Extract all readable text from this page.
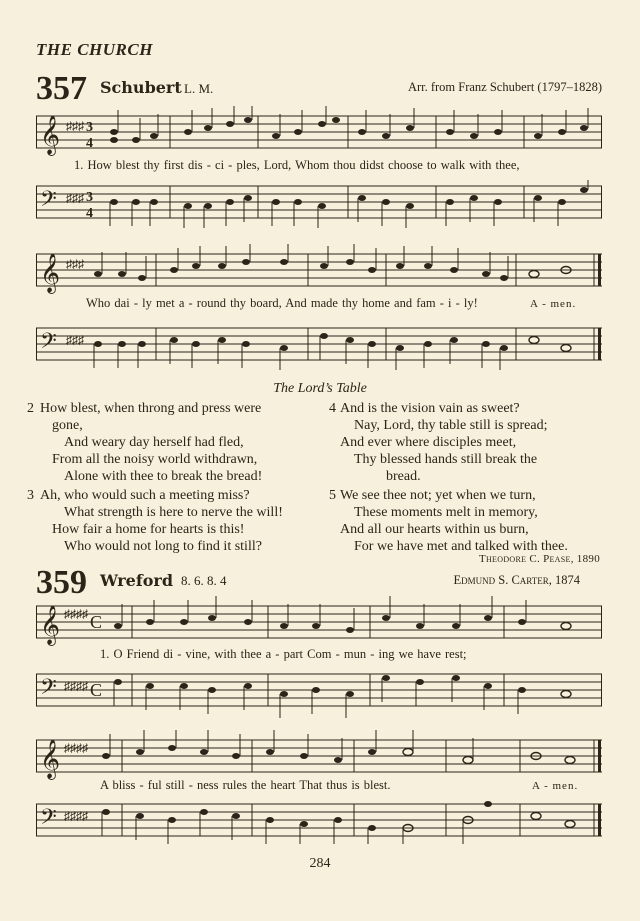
THE CHURCH
357 Schubert L. M.	Arr. from Franz Schubert (1797–1828)
𝄞 ♯♯♯ 3
4
1. How blest thy first dis - ci - ples, Lord, Whom thou didst choose to walk with thee,
𝄢 ♯♯♯ 3
4
𝄞 ♯♯♯
Who dai - ly met a - round thy board, And made thy home and fam - i - ly!	A - men.
𝄢 ♯♯♯
The Lord’s Table
2 How blest, when throng and press were
gone,
And weary day herself had fled,
From all the noisy world withdrawn,
Alone with thee to break the bread!
3 Ah, who would such a meeting miss?
What strength is here to nerve the will!
How fair a home for hearts is this!
Who would not long to find it still?
4 And is the vision vain as sweet?
Nay, Lord, thy table still is spread;
And ever where disciples meet,
Thy blessed hands still break the
bread.
5 We see thee not; yet when we turn,
These moments melt in memory,
And all our hearts within us burn,
For we have met and talked with thee.
Theodore C. Pease, 1890
359 Wreford 8. 6. 8. 4	Edmund S. Carter, 1874
𝄞 ♯♯♯♯ C
1. O Friend di - vine, with thee a - part Com - mun - ing we have rest;
𝄢 ♯♯♯♯ C
𝄞 ♯♯♯♯
A bliss - ful still - ness rules the heart That thus is blest.	A - men.
𝄢 ♯♯♯♯
284
